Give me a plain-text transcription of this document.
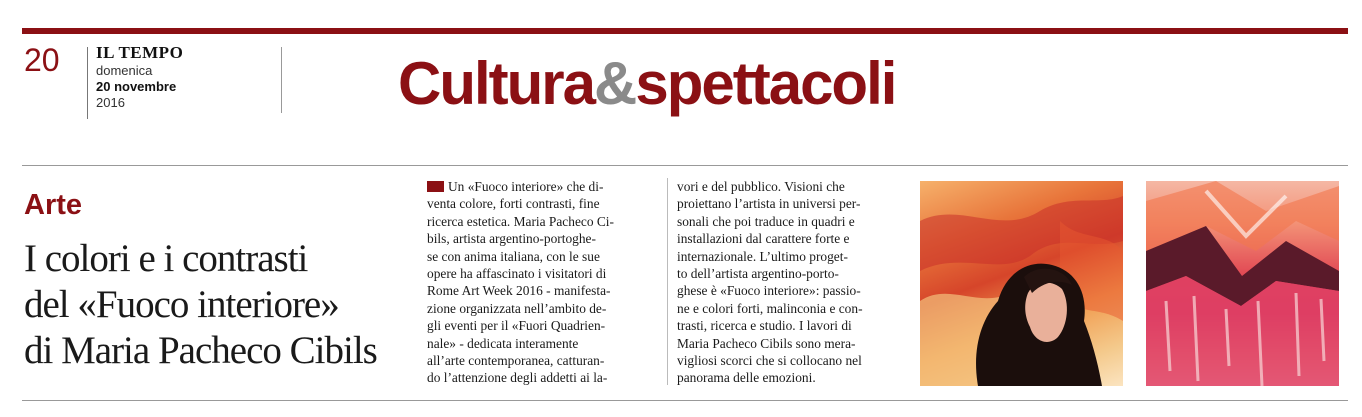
20 IL TEMPO
domenica
20 novembre
2016	Cultura&spettacoli
Arte
I colori e i contrasti
del «Fuoco interiore»
di Maria Pacheco Cibils
Un «Fuoco interiore» che di-
venta colore, forti contrasti, fine
ricerca estetica. Maria Pacheco Ci-
bils, artista argentino-portoghe-
se con anima italiana, con le sue
opere ha affascinato i visitatori di
Rome Art Week 2016 - manifesta-
zione organizzata nell’ambito de-
gli eventi per il «Fuori Quadrien-
nale» - dedicata interamente
all’arte contemporanea, catturan-
do l’attenzione degli addetti ai la-
vori e del pubblico. Visioni che
proiettano l’artista in universi per-
sonali che poi traduce in quadri e
installazioni dal carattere forte e
internazionale. L’ultimo proget-
to dell’artista argentino-porto-
ghese è «Fuoco interiore»: passio-
ne e colori forti, malinconia e con-
trasti, ricerca e studio. I lavori di
Maria Pacheco Cibils sono mera-
vigliosi scorci che si collocano nel
panorama delle emozioni.
